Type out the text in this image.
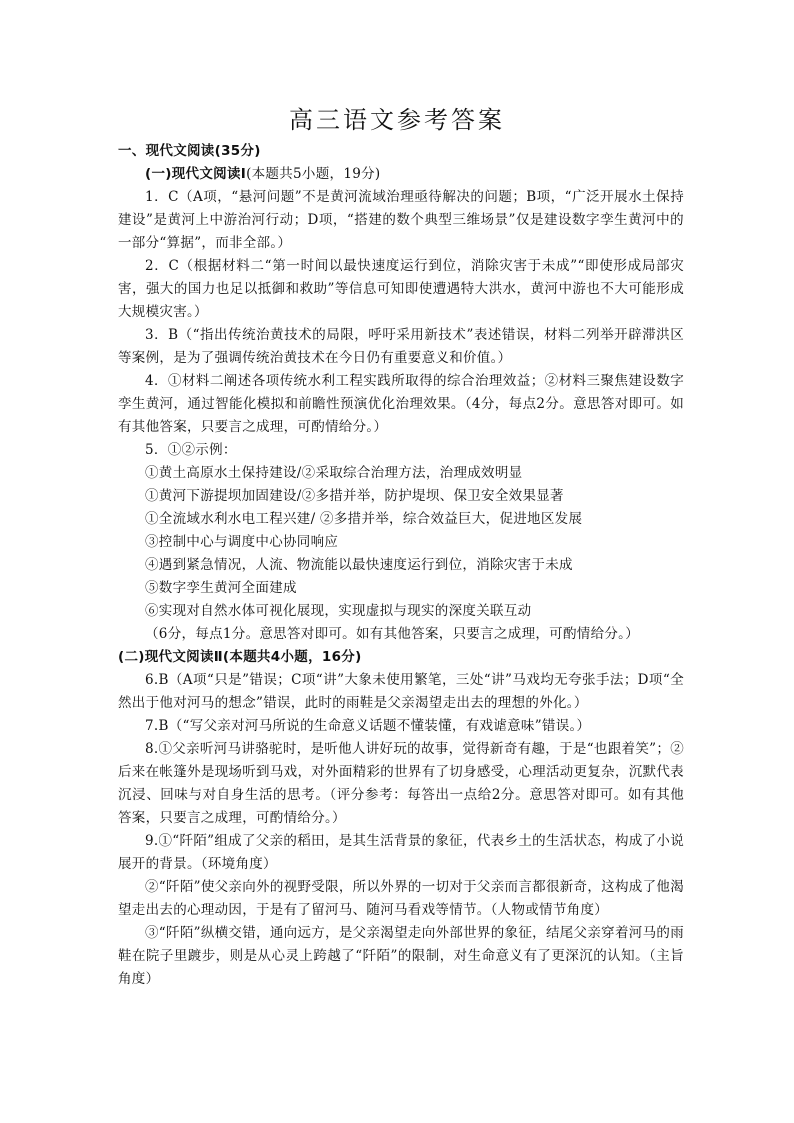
高三语文参考答案

一、现代文阅读(35分)

(一)现代文阅读Ⅰ(本题共5小题，19分)

1．C（A项，“悬河问题”不是黄河流域治理亟待解决的问题；B项，“广泛开展水土保持建设”是黄河上中游治河行动；D项，“搭建的数个典型三维场景”仅是建设数字孪生黄河中的一部分“算据”，而非全部。）

2．C（根据材料二“第一时间以最快速度运行到位，消除灾害于未成”“即使形成局部灾害，强大的国力也足以抵御和救助”等信息可知即使遭遇特大洪水，黄河中游也不大可能形成大规模灾害。）

3．B（“指出传统治黄技术的局限，呼吁采用新技术”表述错误，材料二列举开辟滞洪区等案例，是为了强调传统治黄技术在今日仍有重要意义和价值。）

4．①材料二阐述各项传统水利工程实践所取得的综合治理效益；②材料三聚焦建设数字孪生黄河，通过智能化模拟和前瞻性预演优化治理效果。（4分，每点2分。意思答对即可。如有其他答案，只要言之成理，可酌情给分。）

5．①②示例：

①黄土高原水土保持建设/②采取综合治理方法，治理成效明显

①黄河下游提坝加固建设/②多措并举，防护堤坝、保卫安全效果显著

①全流域水利水电工程兴建/ ②多措并举，综合效益巨大，促进地区发展

③控制中心与调度中心协同响应

④遇到紧急情况，人流、物流能以最快速度运行到位，消除灾害于未成

⑤数字孪生黄河全面建成

⑥实现对自然水体可视化展现，实现虚拟与现实的深度关联互动

（6分，每点1分。意思答对即可。如有其他答案，只要言之成理，可酌情给分。）

(二)现代文阅读Ⅱ(本题共4小题，16分)

6.B（A项“只是”错误；C项“讲”大象未使用繁笔，三处“讲”马戏均无夸张手法；D项“全然出于他对河马的想念”错误，此时的雨鞋是父亲渴望走出去的理想的外化。）

7.B（“写父亲对河马所说的生命意义话题不懂装懂，有戏谑意味”错误。）

8.①父亲听河马讲骆驼时，是听他人讲好玩的故事，觉得新奇有趣，于是“也跟着笑”；②后来在帐篷外是现场听到马戏，对外面精彩的世界有了切身感受，心理活动更复杂，沉默代表沉浸、回味与对自身生活的思考。（评分参考：每答出一点给2分。意思答对即可。如有其他答案，只要言之成理，可酌情给分。）

9.①“阡陌”组成了父亲的稻田，是其生活背景的象征，代表乡土的生活状态，构成了小说展开的背景。（环境角度）

②“阡陌”使父亲向外的视野受限，所以外界的一切对于父亲而言都很新奇，这构成了他渴望走出去的心理动因，于是有了留河马、随河马看戏等情节。（人物或情节角度）

③“阡陌”纵横交错，通向远方，是父亲渴望走向外部世界的象征，结尾父亲穿着河马的雨鞋在院子里踱步，则是从心灵上跨越了“阡陌”的限制，对生命意义有了更深沉的认知。（主旨角度）
